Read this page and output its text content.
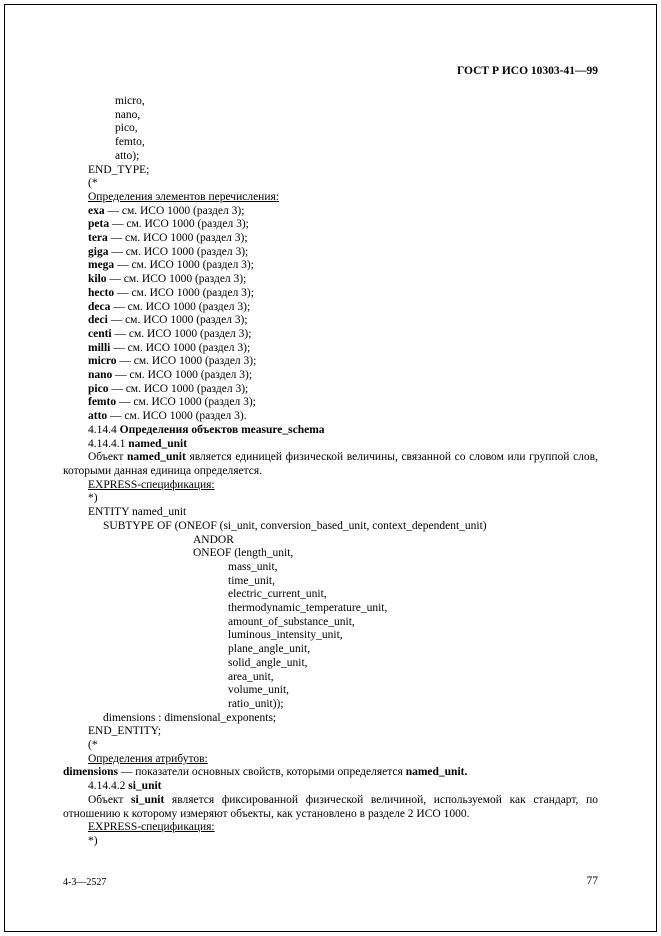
ГОСТ Р ИСО 10303-41—99
micro,
nano,
pico,
femto,
atto);
END_TYPE;
(*
Определения элементов перечисления:
exa — см. ИСО 1000 (раздел 3);
peta — см. ИСО 1000 (раздел 3);
tera — см. ИСО 1000 (раздел 3);
giga — см. ИСО 1000 (раздел 3);
mega — см. ИСО 1000 (раздел 3);
kilo — см. ИСО 1000 (раздел 3);
hecto — см. ИСО 1000 (раздел 3);
deca — см. ИСО 1000 (раздел 3);
deci — см. ИСО 1000 (раздел 3);
centi — см. ИСО 1000 (раздел 3);
milli — см. ИСО 1000 (раздел 3);
micro — см. ИСО 1000 (раздел 3);
nano — см. ИСО 1000 (раздел 3);
pico — см. ИСО 1000 (раздел 3);
femto — см. ИСО 1000 (раздел 3);
atto — см. ИСО 1000 (раздел 3).
4.14.4 Определения объектов measure_schema
4.14.4.1 named_unit
Объект named_unit является единицей физической величины, связанной со словом или группой слов, которыми данная единица определяется.
EXPRESS-спецификация:
*)
ENTITY named_unit
SUBTYPE OF (ONEOF (si_unit, conversion_based_unit, context_dependent_unit)
ANDOR
ONEOF (length_unit,
mass_unit,
time_unit,
electric_current_unit,
thermodynamic_temperature_unit,
amount_of_substance_unit,
luminous_intensity_unit,
plane_angle_unit,
solid_angle_unit,
area_unit,
volume_unit,
ratio_unit));
dimensions : dimensional_exponents;
END_ENTITY;
(*
Определения атрибутов:
dimensions — показатели основных свойств, которыми определяется named_unit.
4.14.4.2 si_unit
Объект si_unit является фиксированной физической величиной, используемой как стандарт, по отношению к которому измеряют объекты, как установлено в разделе 2 ИСО 1000.
EXPRESS-спецификация:
*)
4-3—2527	77
